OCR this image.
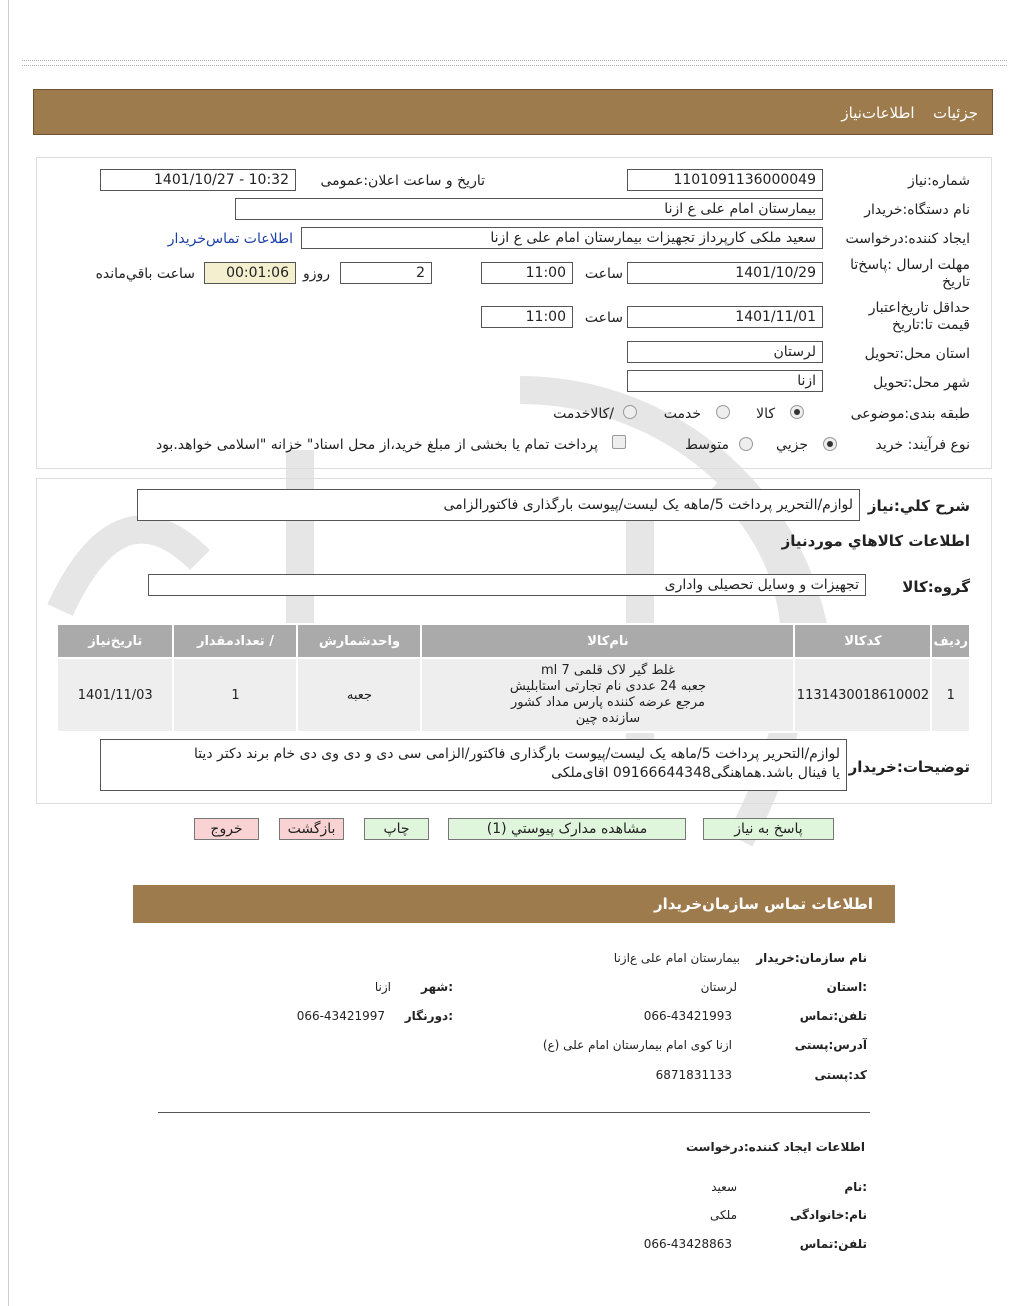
جزئيات اطلاعات‌نياز
شماره:نیاز
1101091136000049
تاريخ و ساعت اعلان:عمومی
1401/10/27 - 10:32
نام دستگاه:خريدار
بیمارستان امام علی ع ازنا
ايجاد کننده:درخواست
سعید ملکی کارپرداز تجهیزات بیمارستان امام علی ع ازنا
اطلاعات تماس‌خريدار
مهلت ارسال :پاسخ‌تا تاريخ
1401/10/29
ساعت
11:00
2
روزو
00:01:06
ساعت باقي‌مانده
حداقل تاريخ‌اعتبار قيمت تا:تاريخ
1401/11/01
ساعت
11:00
استان محل:تحويل
لرستان
شهر محل:تحويل
ازنا
طبقه بندی:موضوعی
کالا
خدمت
/کالاخدمت
نوع فرآيند: خريد
جزيي
متوسط
پرداخت تمام يا بخشی از مبلغ خريد،از محل اسناد" خزانه "اسلامی خواهد.بود
شرح كلي:نياز
لوازم/التحریر پرداخت 5/ماهه یک لیست/پیوست بارگذاری فاکتورالزامی
اطلاعات كالاهاي موردنياز
گروه:کالا
تجهیزات و وسایل تحصیلی واداری
رديف	کدکالا	نام‌کالا	واحدشمارش	/ تعدادمقدار	تاريخ‌نياز
1	1131430018610002	غلط گیر لاک قلمی 7 ml
جعبه 24 عددی نام تجارتی استابلیش
مرجع عرضه کننده پارس مداد کشور
سازنده چین	جعبه	1	1401/11/03
توضيحات:خريدار
لوازم/التحریر پرداخت 5/ماهه یک لیست/پیوست بارگذاری فاکتور/الزامی سی دی و دی وی دی خام برند دکتر دیتا
یا فینال باشد.هماهنگی09166644348 اقای‌ملکی
پاسخ به نياز
مشاهده مدارک پيوستي (1)
چاپ
بازگشت
خروج
اطلاعات تماس سازمان‌خريدار
نام سازمان:خريدار
بیمارستان امام علی ع‌ازنا
:استان
لرستان
:شهر
ازنا
تلفن:تماس
066-43421993
:دورنگار
066-43421997
آدرس:پستی
ازنا کوی امام بیمارستان امام علی (ع)
کد:پستی
6871831133
اطلاعات ايجاد کننده:درخواست
:نام
سعید
نام:خانوادگی
ملکی
تلفن:تماس
066-43428863
